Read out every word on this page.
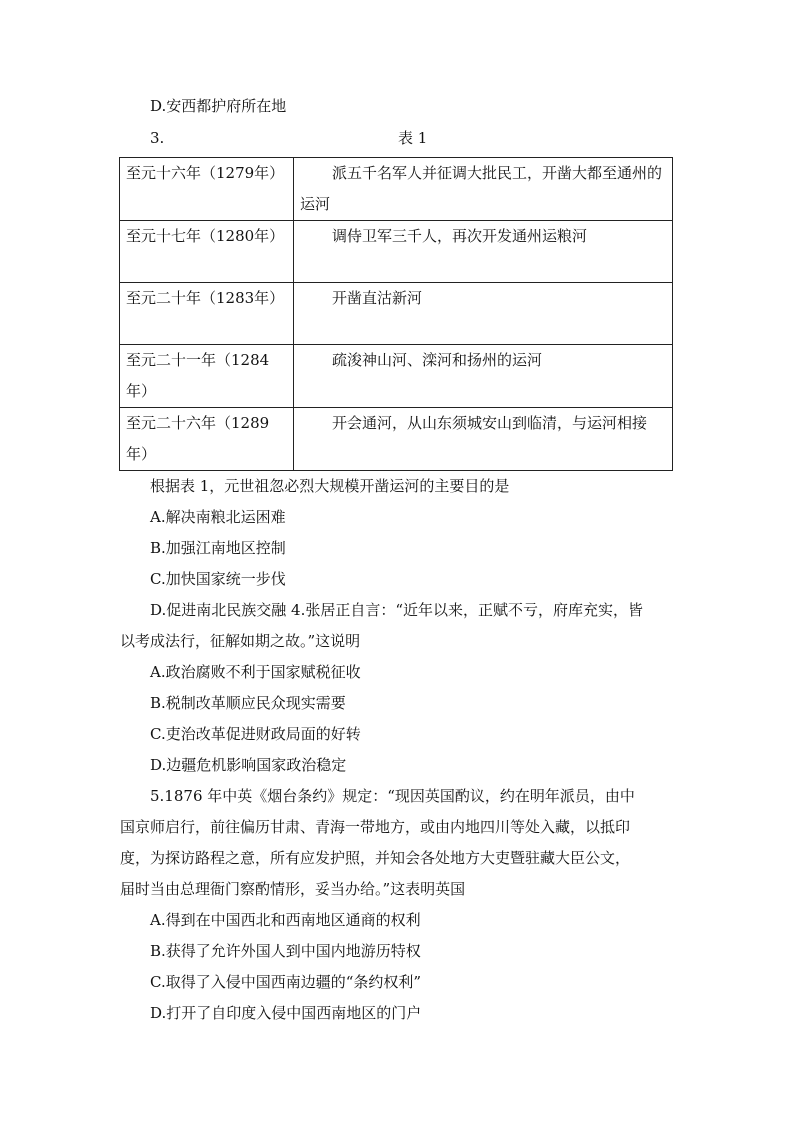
D.安西都护府所在地
3.	表 1
至元十六年（1279年）	派五千名军人并征调大批民工，开凿大都至通州的运河

至元十七年（1280年）	调侍卫军三千人，再次开发通州运粮河

至元二十年（1283年）	开凿直沽新河

至元二十一年（1284年）	疏浚神山河、滦河和扬州的运河

至元二十六年（1289年）	开会通河，从山东须城安山到临清，与运河相接
根据表 1，元世祖忽必烈大规模开凿运河的主要目的是
A.解决南粮北运困难
B.加强江南地区控制
C.加快国家统一步伐
D.促进南北民族交融 4.张居正自言：“近年以来，正赋不亏，府库充实，皆
以考成法行，征解如期之故。”这说明
A.政治腐败不利于国家赋税征收
B.税制改革顺应民众现实需要
C.吏治改革促进财政局面的好转
D.边疆危机影响国家政治稳定
5.1876 年中英《烟台条约》规定：“现因英国酌议，约在明年派员，由中
国京师启行，前往偏历甘肃、青海一带地方，或由内地四川等处入藏，以抵印
度，为探访路程之意，所有应发护照，并知会各处地方大吏暨驻藏大臣公文，
届时当由总理衙门察酌情形，妥当办给。”这表明英国
A.得到在中国西北和西南地区通商的权利
B.获得了允许外国人到中国内地游历特权
C.取得了入侵中国西南边疆的“条约权利”
D.打开了自印度入侵中国西南地区的门户
